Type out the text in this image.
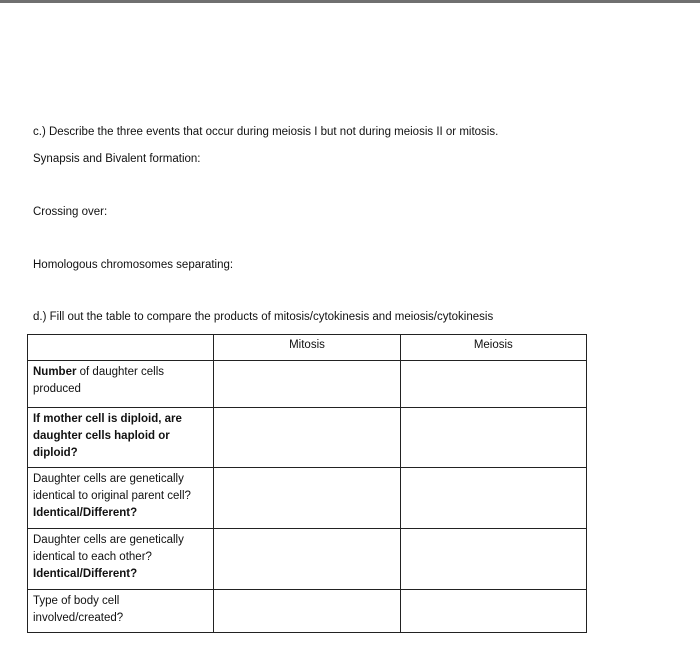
c.) Describe the three events that occur during meiosis I but not during meiosis II or mitosis.
Synapsis and Bivalent formation:
Crossing over:
Homologous chromosomes separating:
d.) Fill out the table to compare the products of mitosis/cytokinesis and meiosis/cytokinesis
	Mitosis	Meiosis
Number of daughter cells produced		
If mother cell is diploid, are daughter cells haploid or diploid?		
Daughter cells are genetically identical to original parent cell?
Identical/Different?		
Daughter cells are genetically identical to each other?
Identical/Different?		
Type of body cell involved/created?		
